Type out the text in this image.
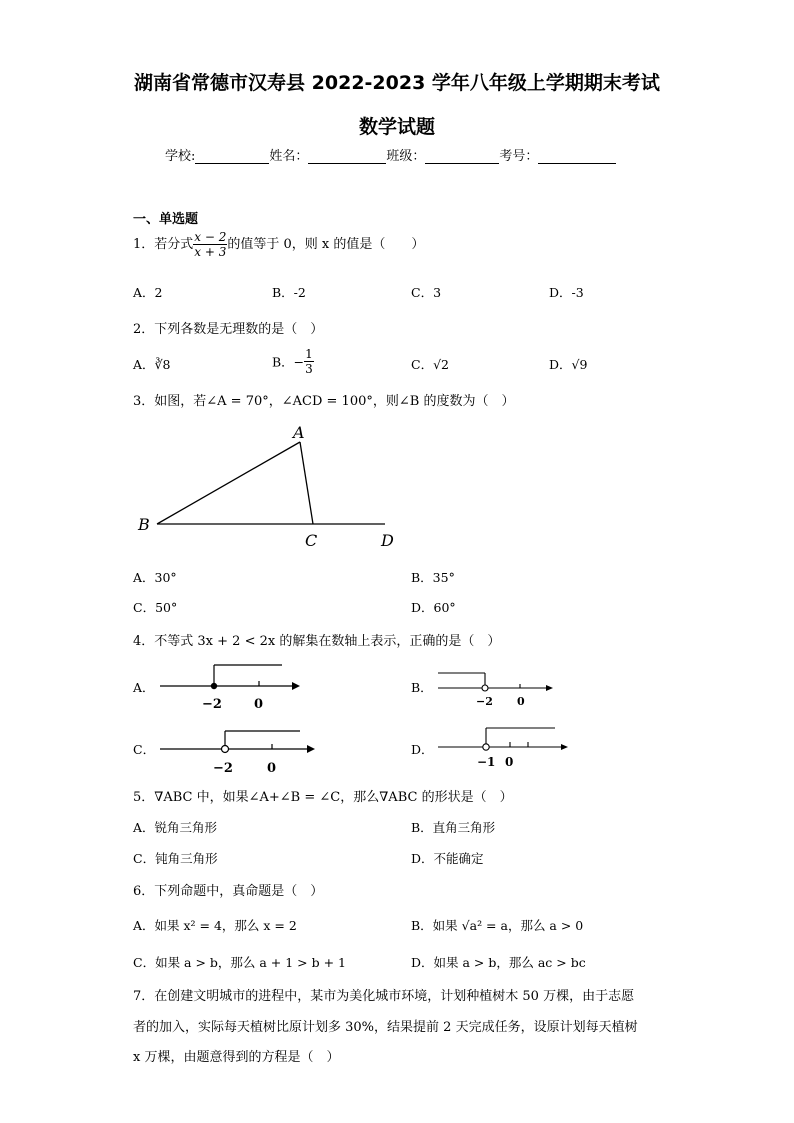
湖南省常德市汉寿县 2022-2023 学年八年级上学期期末考试
数学试题
学校:	姓名：	班级：	考号：
一、单选题
1．若分式 $\frac{x - 2}{x + 3}$ 的值等于 0，则 x 的值是（　　）
A．2	B．-2	C．3	D．-3
2．下列各数是无理数的是（　）
A．∛8	B．− $\frac{1}{3}$	C．√2	D．√9
3．如图，若∠A = 70°，∠ACD = 100°，则∠B 的度数为（　）
A
B
C	D
A．30°	B．35°
C．50°	D．60°
4．不等式 3x + 2 < 2x 的解集在数轴上表示，正确的是（　）
A．
−2 0
B．
−2 0
C．
−2	0
D．
−1 0
5．∇ABC 中，如果∠A+∠B = ∠C，那么∇ABC 的形状是（　）
A．锐角三角形	B．直角三角形
C．钝角三角形	D．不能确定
6．下列命题中，真命题是（　）
A．如果 x² = 4，那么 x = 2	B．如果 √a² = a，那么 a > 0
C．如果 a > b，那么 a + 1 > b + 1	D．如果 a > b，那么 ac > bc
7．在创建文明城市的进程中，某市为美化城市环境，计划种植树木 50 万棵，由于志愿
者的加入，实际每天植树比原计划多 30%，结果提前 2 天完成任务，设原计划每天植树
x 万棵，由题意得到的方程是（　）
